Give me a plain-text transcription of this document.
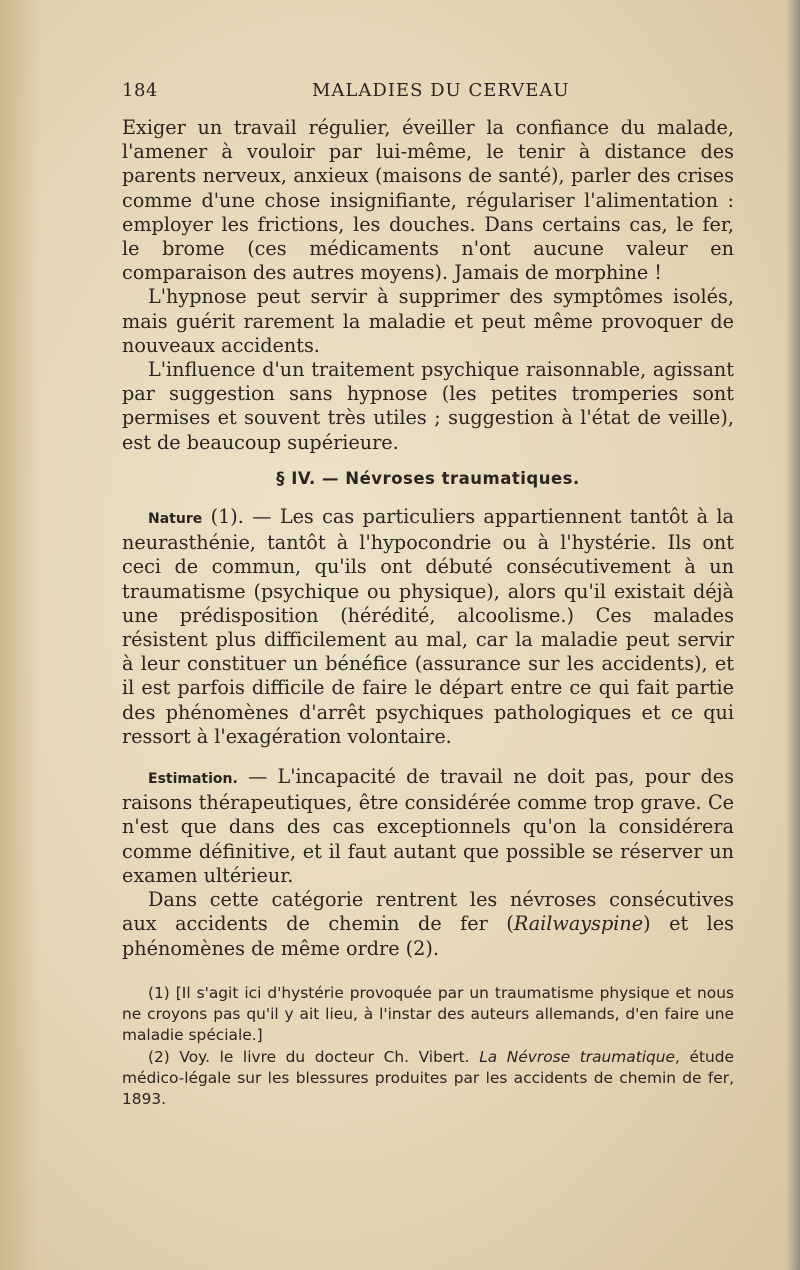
184	MALADIES DU CERVEAU

Exiger un travail régulier, éveiller la confiance du malade, l'amener à vouloir par lui-même, le tenir à distance des parents nerveux, anxieux (maisons de santé), parler des crises comme d'une chose insignifiante, régulariser l'alimentation : employer les frictions, les douches. Dans certains cas, le fer, le brome (ces médicaments n'ont aucune valeur en comparaison des autres moyens). Jamais de morphine !

L'hypnose peut servir à supprimer des symptômes isolés, mais guérit rarement la maladie et peut même provoquer de nouveaux accidents.

L'influence d'un traitement psychique raisonnable, agissant par suggestion sans hypnose (les petites tromperies sont permises et souvent très utiles ; suggestion à l'état de veille), est de beaucoup supérieure.

§ IV. — Névroses traumatiques.

Nature (1). — Les cas particuliers appartiennent tantôt à la neurasthénie, tantôt à l'hypocondrie ou à l'hystérie. Ils ont ceci de commun, qu'ils ont débuté consécutivement à un traumatisme (psychique ou physique), alors qu'il existait déjà une prédisposition (hérédité, alcoolisme.) Ces malades résistent plus difficilement au mal, car la maladie peut servir à leur constituer un bénéfice (assurance sur les accidents), et il est parfois difficile de faire le départ entre ce qui fait partie des phénomènes d'arrêt psychiques pathologiques et ce qui ressort à l'exagération volontaire.

Estimation. — L'incapacité de travail ne doit pas, pour des raisons thérapeutiques, être considérée comme trop grave. Ce n'est que dans des cas exceptionnels qu'on la considérera comme définitive, et il faut autant que possible se réserver un examen ultérieur.

Dans cette catégorie rentrent les névroses consécutives aux accidents de chemin de fer (Railwayspine) et les phénomènes de même ordre (2).

(1) [Il s'agit ici d'hystérie provoquée par un traumatisme physique et nous ne croyons pas qu'il y ait lieu, à l'instar des auteurs allemands, d'en faire une maladie spéciale.]

(2) Voy. le livre du docteur Ch. Vibert. La Névrose traumatique, étude médico-légale sur les blessures produites par les accidents de chemin de fer, 1893.
